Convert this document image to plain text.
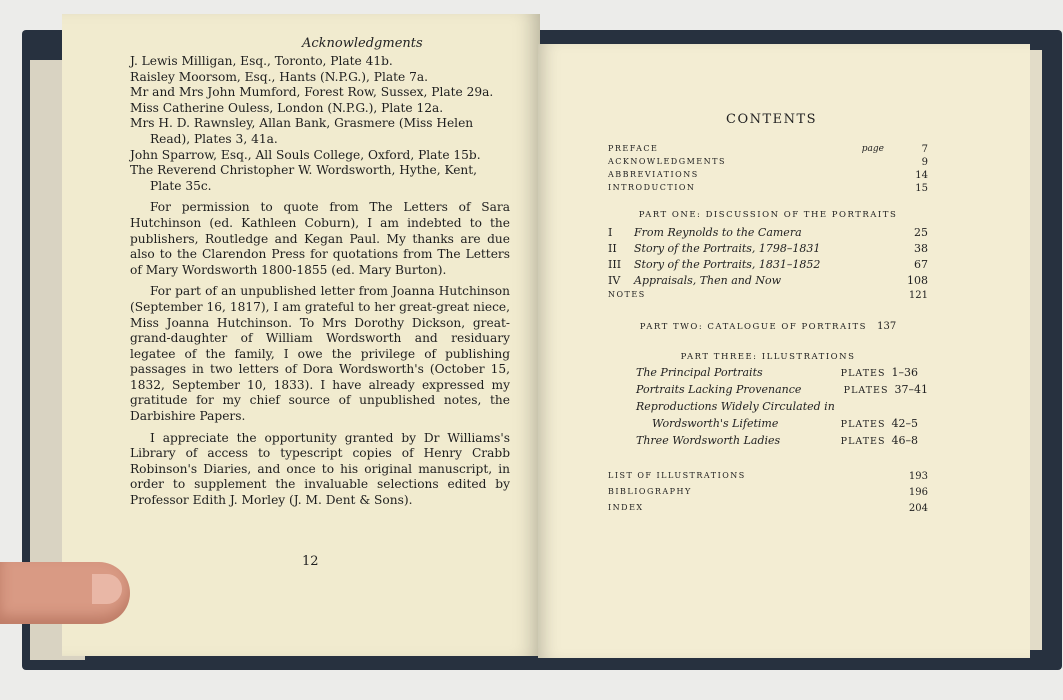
Acknowledgments

J. Lewis Milligan, Esq., Toronto, Plate 41b.

Raisley Moorsom, Esq., Hants (N.P.G.), Plate 7a.

Mr and Mrs John Mumford, Forest Row, Sussex, Plate 29a.

Miss Catherine Ouless, London (N.P.G.), Plate 12a.

Mrs H. D. Rawnsley, Allan Bank, Grasmere (Miss Helen Read), Plates 3, 41a.

John Sparrow, Esq., All Souls College, Oxford, Plate 15b.

The Reverend Christopher W. Wordsworth, Hythe, Kent, Plate 35c.

For permission to quote from The Letters of Sara Hutchinson (ed. Kathleen Coburn), I am indebted to the publishers, Routledge and Kegan Paul. My thanks are due also to the Clarendon Press for quotations from The Letters of Mary Wordsworth 1800-1855 (ed. Mary Burton).

For part of an unpublished letter from Joanna Hutchinson (September 16, 1817), I am grateful to her great-great niece, Miss Joanna Hutchinson. To Mrs Dorothy Dickson, great-grand-daughter of William Wordsworth and residuary legatee of the family, I owe the privilege of publishing passages in two letters of Dora Wordsworth's (October 15, 1832, September 10, 1833). I have already expressed my gratitude for my chief source of unpublished notes, the Darbishire Papers.

I appreciate the opportunity granted by Dr Williams's Library of access to typescript copies of Henry Crabb Robinson's Diaries, and once to his original manuscript, in order to supplement the invaluable selections edited by Professor Edith J. Morley (J. M. Dent & Sons).

12
CONTENTS
PREFACE	page	7
ACKNOWLEDGMENTS	9
ABBREVIATIONS	14
INTRODUCTION	15
PART ONE: DISCUSSION OF THE PORTRAITS
I From Reynolds to the Camera	25
II Story of the Portraits, 1798–1831	38
III Story of the Portraits, 1831–1852	67
IV Appraisals, Then and Now	108
NOTES	121
PART TWO: CATALOGUE OF PORTRAITS 137
PART THREE: ILLUSTRATIONS
The Principal Portraits	PLATES 1–36
Portraits Lacking Provenance	PLATES 37–41
Reproductions Widely Circulated in
Wordsworth's Lifetime	PLATES 42–5
Three Wordsworth Ladies	PLATES 46–8
LIST OF ILLUSTRATIONS	193
BIBLIOGRAPHY	196
INDEX	204
